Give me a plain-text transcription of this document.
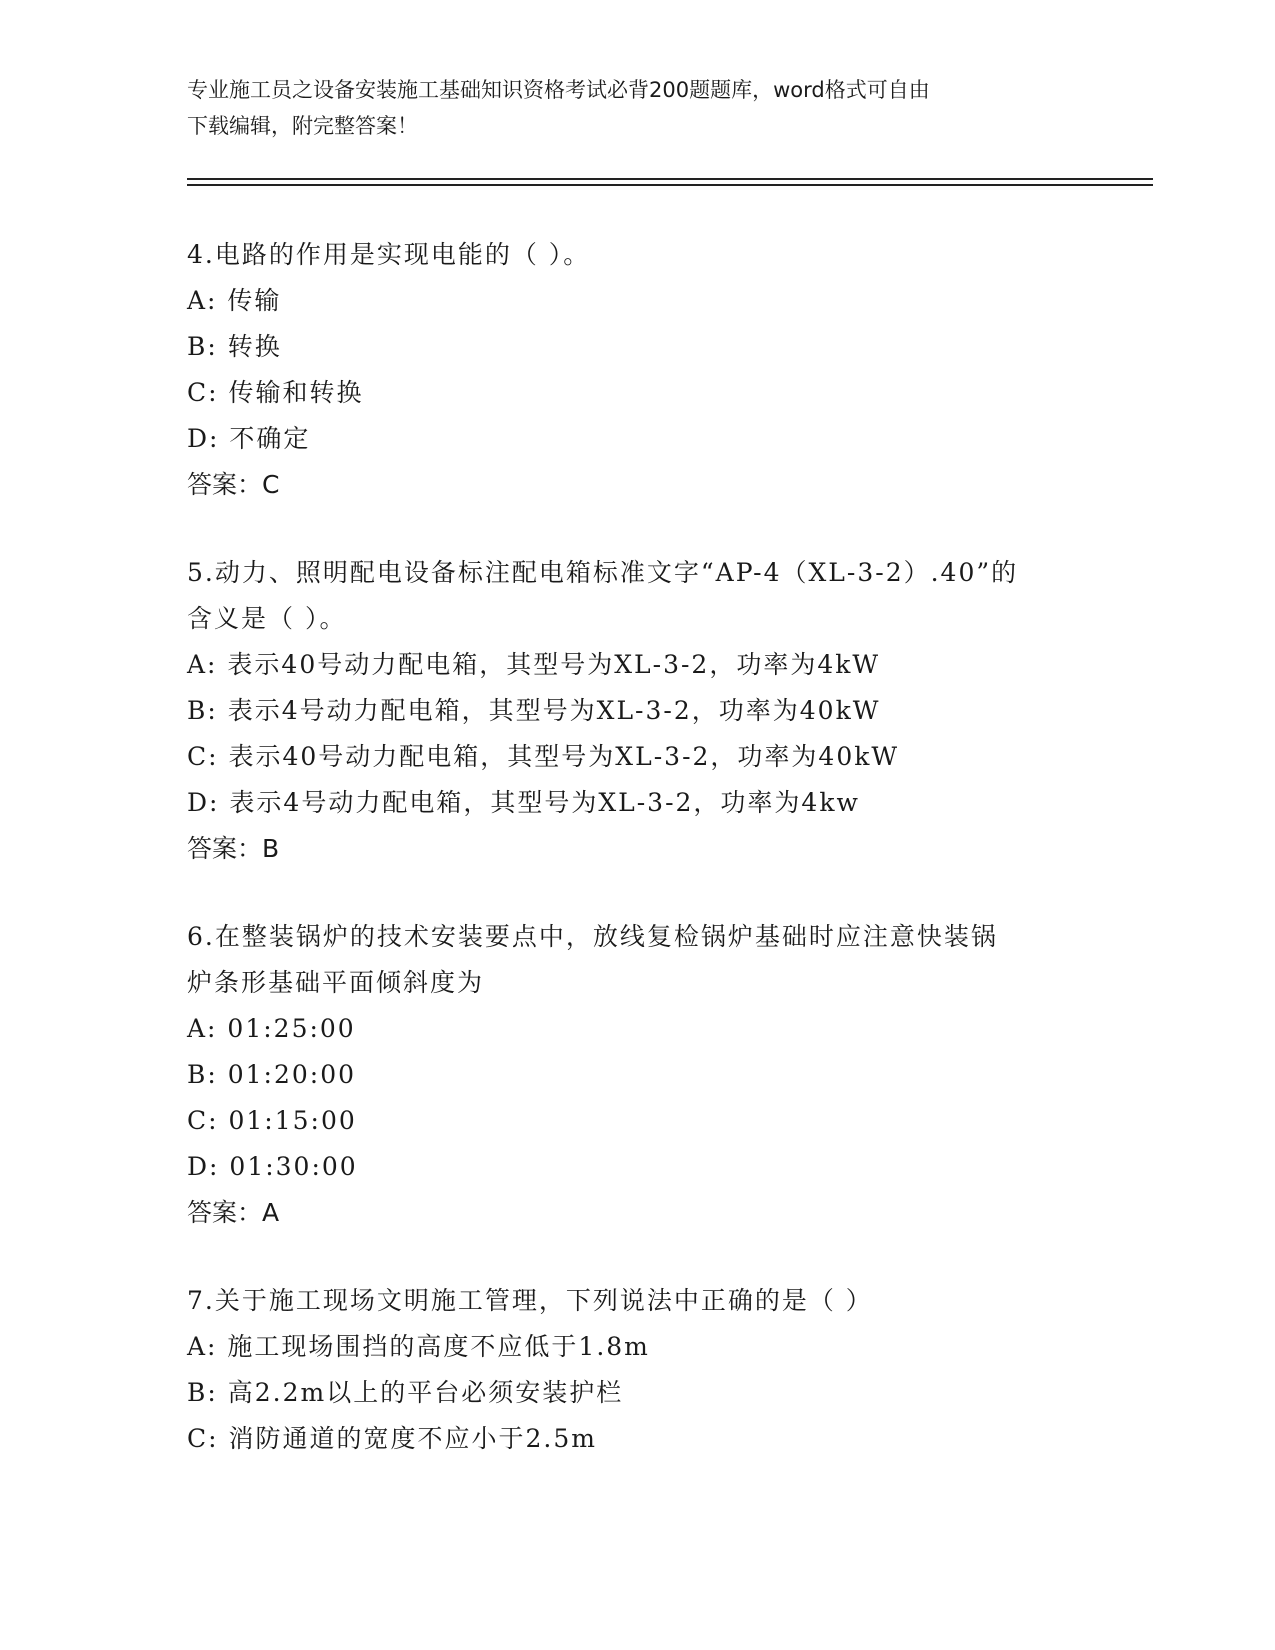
专业施工员之设备安装施工基础知识资格考试必背200题题库，word格式可自由
下载编辑，附完整答案！
4.电路的作用是实现电能的（ ）。
A: 传输
B: 转换
C: 传输和转换
D: 不确定
答案：C
5.动力、照明配电设备标注配电箱标准文字“AP-4（XL-3-2）.40”的
含义是（ ）。
A: 表示40号动力配电箱，其型号为XL-3-2，功率为4kW
B: 表示4号动力配电箱，其型号为XL-3-2，功率为40kW
C: 表示40号动力配电箱，其型号为XL-3-2，功率为40kW
D: 表示4号动力配电箱，其型号为XL-3-2，功率为4kw
答案：B
6.在整装锅炉的技术安装要点中，放线复检锅炉基础时应注意快装锅
炉条形基础平面倾斜度为
A: 01:25:00
B: 01:20:00
C: 01:15:00
D: 01:30:00
答案：A
7.关于施工现场文明施工管理，下列说法中正确的是（ ）
A: 施工现场围挡的高度不应低于1.8m
B: 高2.2m以上的平台必须安装护栏
C: 消防通道的宽度不应小于2.5m
